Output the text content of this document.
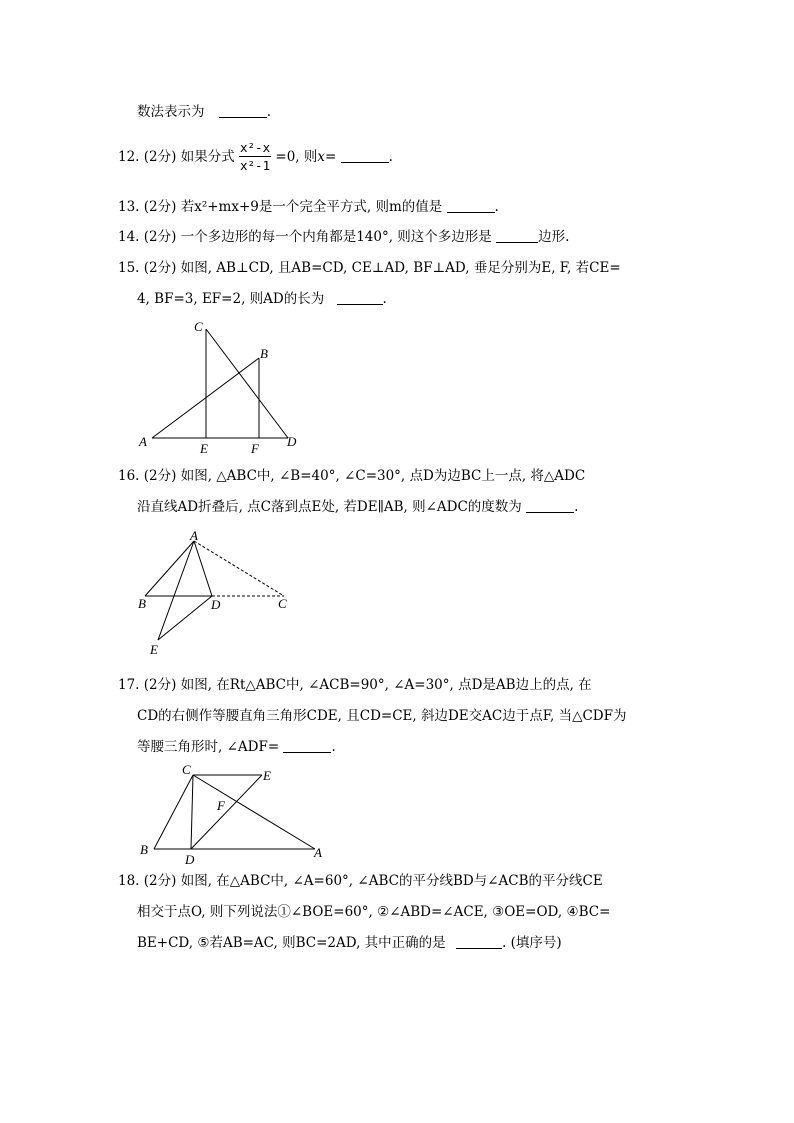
数法表示为	.
12. (2分) 如果分式 $\frac{\text{x²-x}}{\text{x²-1}} =0$, 则x=	.
13. (2分) 若x²+mx+9是一个完全平方式, 则m的值是	.
14. (2分) 一个多边形的每一个内角都是140°, 则这个多边形是	边形.
15. (2分) 如图, AB⊥CD, 且AB=CD, CE⊥AD, BF⊥AD, 垂足分别为E, F, 若CE=
4, BF=3, EF=2, 则AD的长为	.
A
B
C
D
E	F
16. (2分) 如图, △ABC中, ∠B=40°, ∠C=30°, 点D为边BC上一点, 将△ADC
沿直线AD折叠后, 点C落到点E处, 若DE∥AB, 则∠ADC的度数为	.
A
B	C
D
E
17. (2分) 如图, 在Rt△ABC中, ∠ACB=90°, ∠A=30°, 点D是AB边上的点, 在
CD的右侧作等腰直角三角形CDE, 且CD=CE, 斜边DE交AC边于点F, 当△CDF为
等腰三角形时, ∠ADF=	.
C	E
F
B
D	A
18. (2分) 如图, 在△ABC中, ∠A=60°, ∠ABC的平分线BD与∠ACB的平分线CE
相交于点O, 则下列说法①∠BOE=60°, ②∠ABD=∠ACE, ③OE=OD, ④BC=
BE+CD, ⑤若AB=AC, 则BC=2AD, 其中正确的是	. (填序号)
